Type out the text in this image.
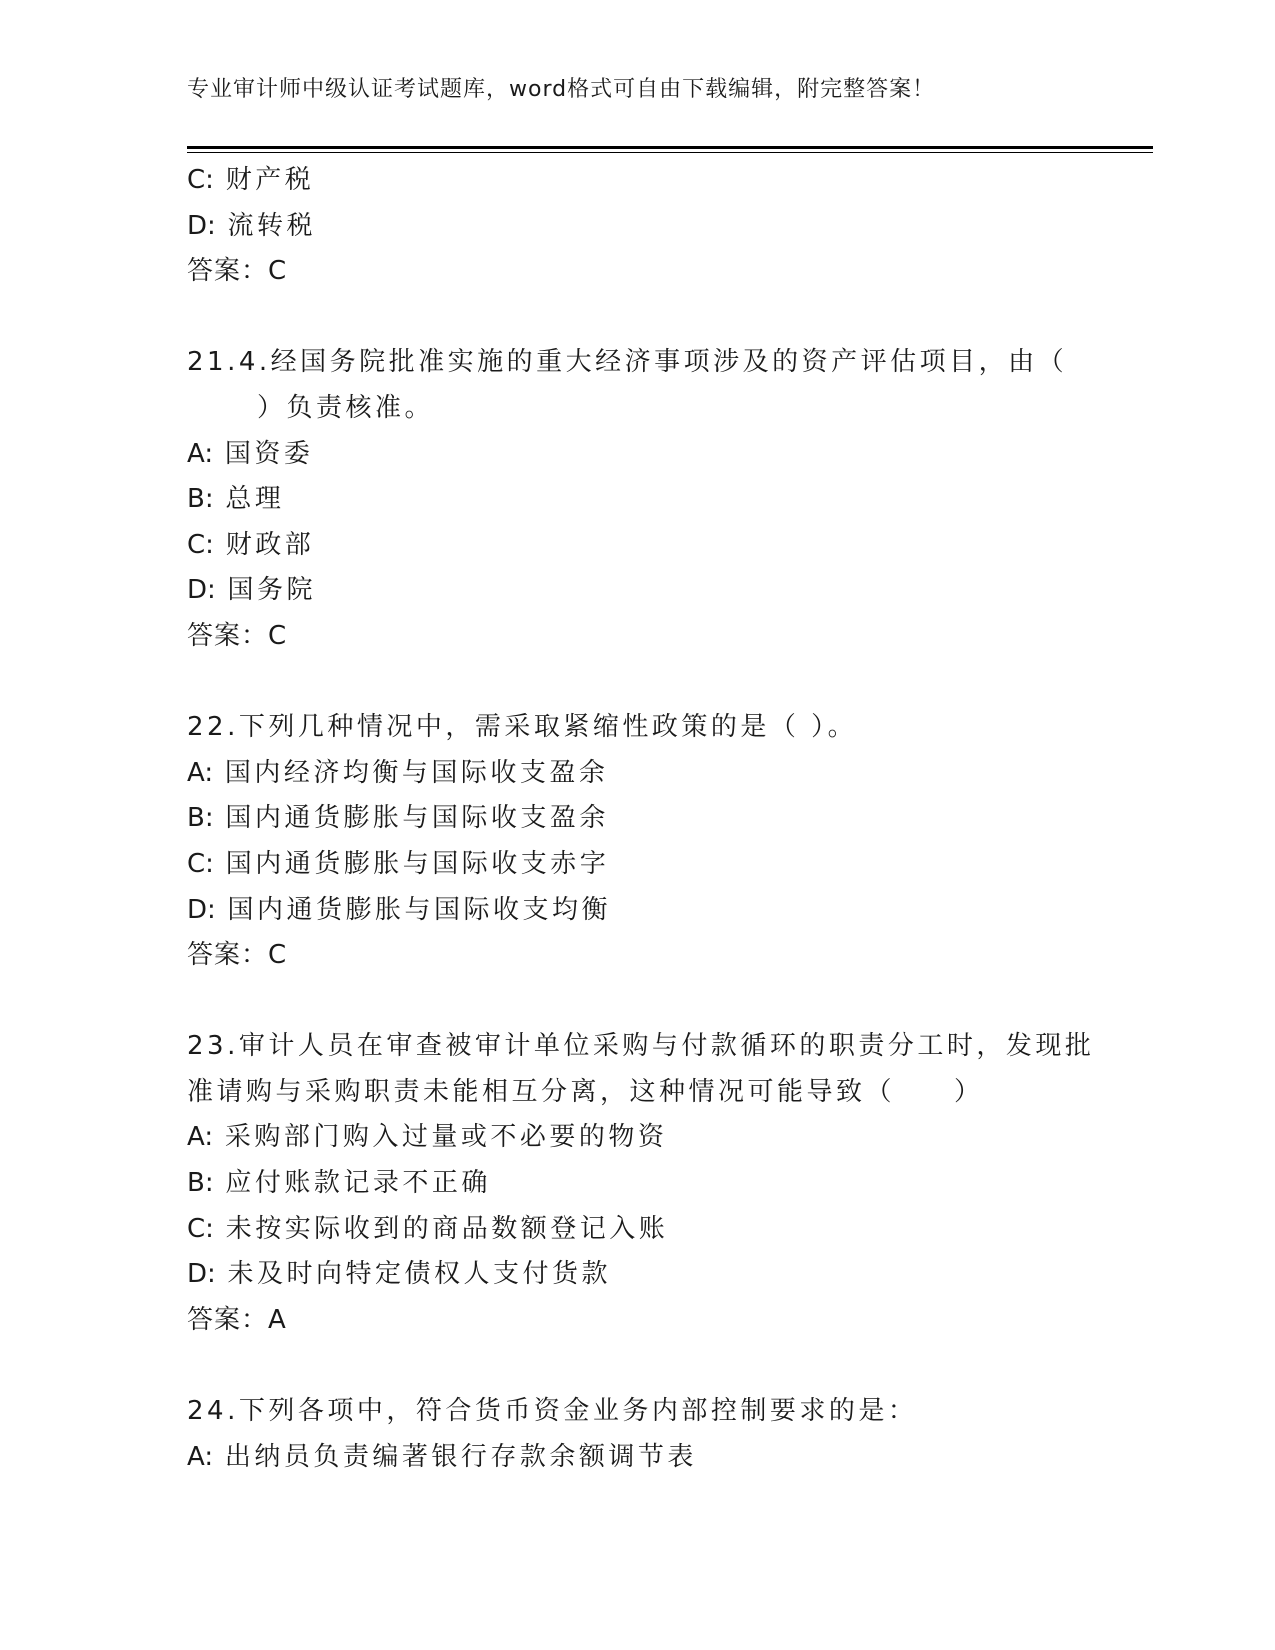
专业审计师中级认证考试题库，word格式可自由下载编辑，附完整答案！
C: 财产税
D: 流转税
答案：C
21.4.经国务院批准实施的重大经济事项涉及的资产评估项目，由（
）负责核准。
A: 国资委
B: 总理
C: 财政部
D: 国务院
答案：C
22.下列几种情况中，需采取紧缩性政策的是（ ）。
A: 国内经济均衡与国际收支盈余
B: 国内通货膨胀与国际收支盈余
C: 国内通货膨胀与国际收支赤字
D: 国内通货膨胀与国际收支均衡
答案：C
23.审计人员在审查被审计单位采购与付款循环的职责分工时，发现批
准请购与采购职责未能相互分离，这种情况可能导致（　　）
A: 采购部门购入过量或不必要的物资
B: 应付账款记录不正确
C: 未按实际收到的商品数额登记入账
D: 未及时向特定债权人支付货款
答案：A
24.下列各项中，符合货币资金业务内部控制要求的是：
A: 出纳员负责编著银行存款余额调节表
